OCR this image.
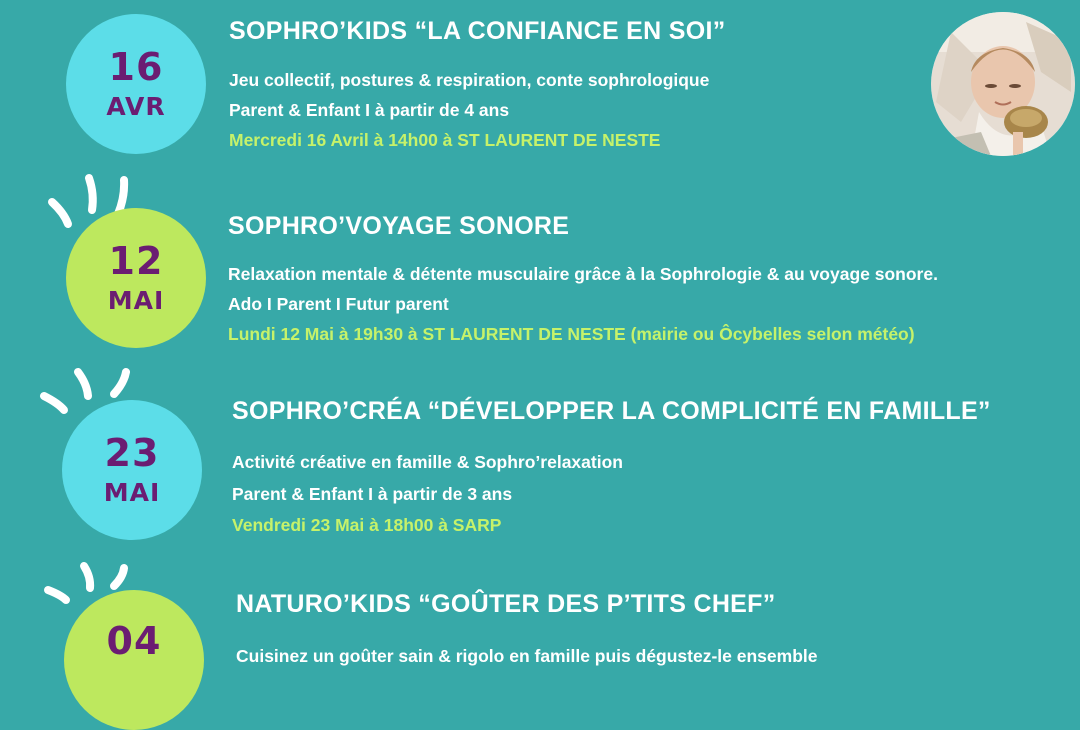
16
AVR
SOPHRO’KIDS “LA CONFIANCE EN SOI”
Jeu collectif, postures & respiration, conte sophrologique
Parent & Enfant I à partir de 4 ans
Mercredi 16 Avril à 14h00 à ST LAURENT DE NESTE
12
MAI
SOPHRO’VOYAGE SONORE
Relaxation mentale & détente musculaire grâce à la Sophrologie & au voyage sonore.
Ado I Parent I Futur parent
Lundi 12 Mai à 19h30 à ST LAURENT DE NESTE (mairie ou Ôcybelles selon météo)
23
MAI
SOPHRO’CRÉA “DÉVELOPPER LA COMPLICITÉ EN FAMILLE”
Activité créative en famille & Sophro’relaxation
Parent & Enfant I à partir de 3 ans
Vendredi 23 Mai à 18h00 à SARP
04
NATURO’KIDS “GOÛTER DES P’TITS CHEF”
Cuisinez un goûter sain & rigolo en famille puis dégustez-le ensemble
